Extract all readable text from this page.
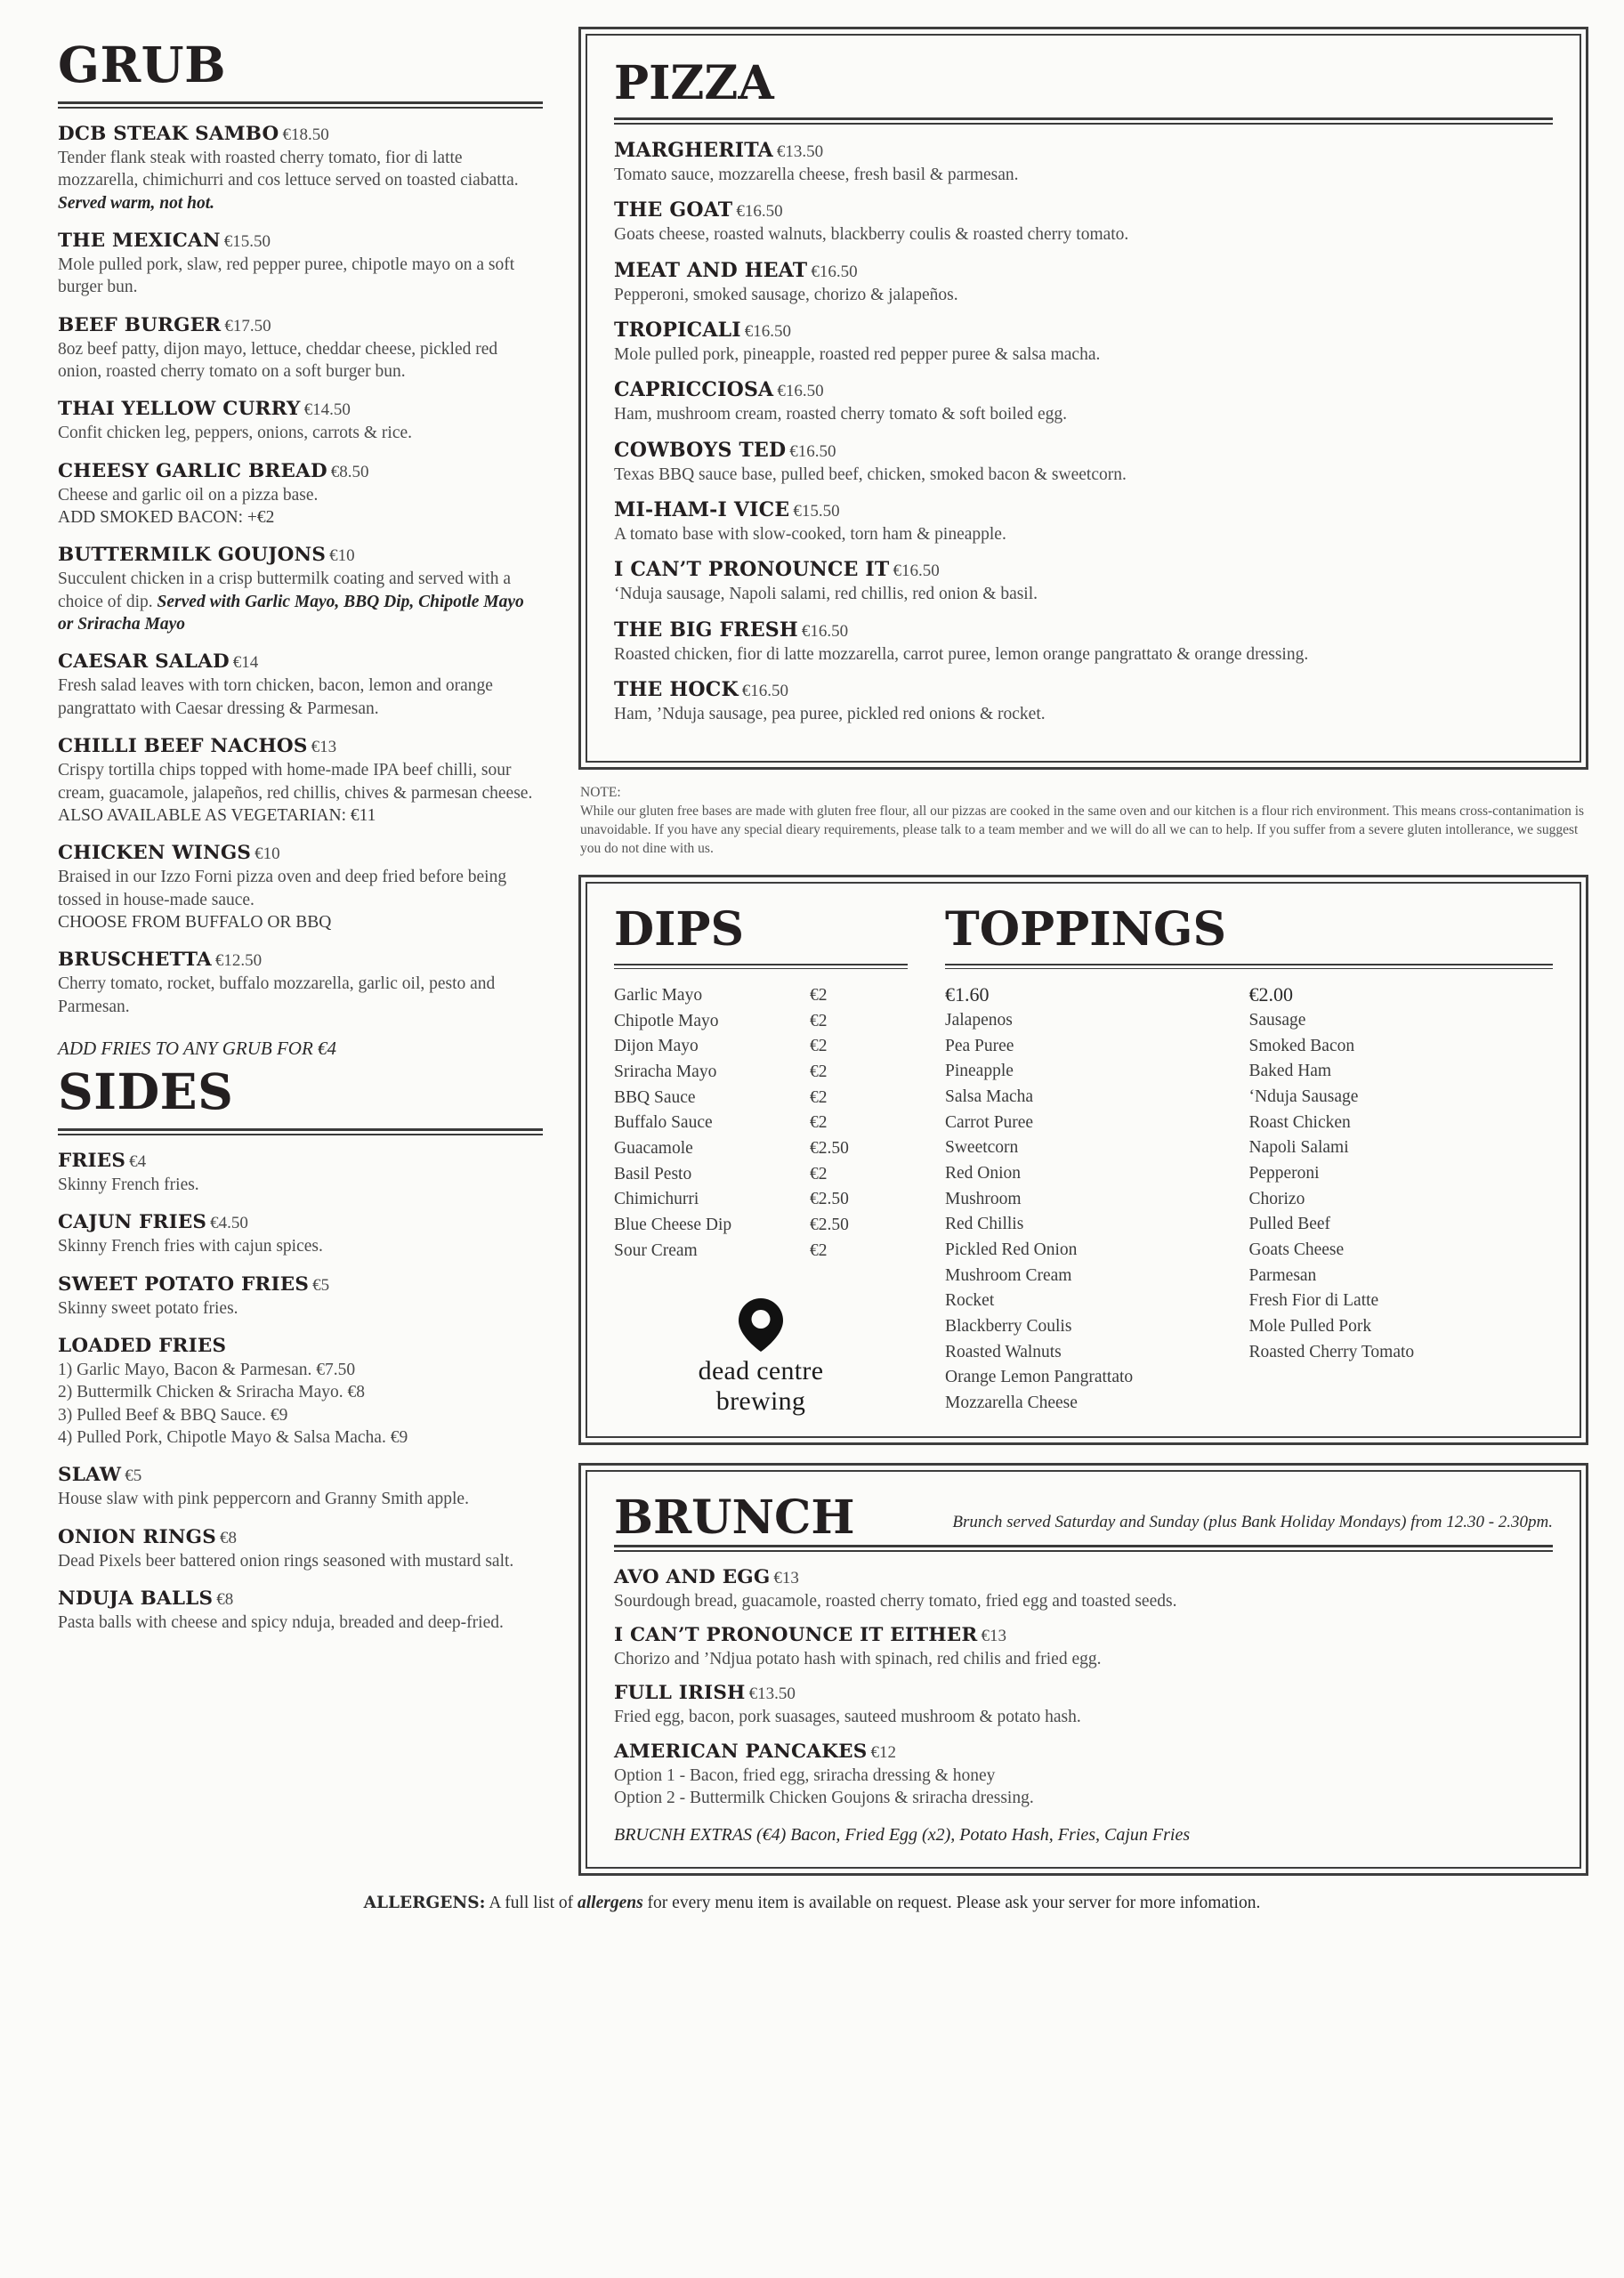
GRUB
DCB STEAK SAMBO €18.50
Tender flank steak with roasted cherry tomato, fior di latte mozzarella, chimichurri and cos lettuce served on toasted ciabatta. Served warm, not hot.
THE MEXICAN €15.50
Mole pulled pork, slaw, red pepper puree, chipotle mayo on a soft burger bun.
BEEF BURGER €17.50
8oz beef patty, dijon mayo, lettuce, cheddar cheese, pickled red onion, roasted cherry tomato on a soft burger bun.
THAI YELLOW CURRY €14.50
Confit chicken leg, peppers, onions, carrots & rice.
CHEESY GARLIC BREAD €8.50
Cheese and garlic oil on a pizza base.
ADD SMOKED BACON: +€2
BUTTERMILK GOUJONS €10
Succulent chicken in a crisp buttermilk coating and served with a choice of dip. Served with Garlic Mayo, BBQ Dip, Chipotle Mayo or Sriracha Mayo
CAESAR SALAD €14
Fresh salad leaves with torn chicken, bacon, lemon and orange pangrattato with Caesar dressing & Parmesan.
CHILLI BEEF NACHOS €13
Crispy tortilla chips topped with home-made IPA beef chilli, sour cream, guacamole, jalapeños, red chillis, chives & parmesan cheese.
ALSO AVAILABLE AS VEGETARIAN: €11
CHICKEN WINGS €10
Braised in our Izzo Forni pizza oven and deep fried before being tossed in house-made sauce.
CHOOSE FROM BUFFALO OR BBQ
BRUSCHETTA €12.50
Cherry tomato, rocket, buffalo mozzarella, garlic oil, pesto and Parmesan.
ADD FRIES TO ANY GRUB FOR €4
SIDES
FRIES €4
Skinny French fries.
CAJUN FRIES €4.50
Skinny French fries with cajun spices.
SWEET POTATO FRIES €5
Skinny sweet potato fries.
LOADED FRIES
1) Garlic Mayo, Bacon & Parmesan. €7.50
2) Buttermilk Chicken & Sriracha Mayo. €8
3) Pulled Beef & BBQ Sauce. €9
4) Pulled Pork, Chipotle Mayo & Salsa Macha. €9
SLAW €5
House slaw with pink peppercorn and Granny Smith apple.
ONION RINGS €8
Dead Pixels beer battered onion rings seasoned with mustard salt.
NDUJA BALLS €8
Pasta balls with cheese and spicy nduja, breaded and deep-fried.
PIZZA
MARGHERITA €13.50
Tomato sauce, mozzarella cheese, fresh basil & parmesan.
THE GOAT €16.50
Goats cheese, roasted walnuts, blackberry coulis & roasted cherry tomato.
MEAT AND HEAT €16.50
Pepperoni, smoked sausage, chorizo & jalapeños.
TROPICALI €16.50
Mole pulled pork, pineapple, roasted red pepper puree & salsa macha.
CAPRICCIOSA €16.50
Ham, mushroom cream, roasted cherry tomato & soft boiled egg.
COWBOYS TED €16.50
Texas BBQ sauce base, pulled beef, chicken, smoked bacon & sweetcorn.
MI-HAM-I VICE €15.50
A tomato base with slow-cooked, torn ham & pineapple.
I CAN’T PRONOUNCE IT €16.50
‘Nduja sausage, Napoli salami, red chillis, red onion & basil.
THE BIG FRESH €16.50
Roasted chicken, fior di latte mozzarella, carrot puree, lemon orange pangrattato & orange dressing.
THE HOCK €16.50
Ham, ’Nduja sausage, pea puree, pickled red onions & rocket.
NOTE:
While our gluten free bases are made with gluten free flour, all our pizzas are cooked in the same oven and our kitchen is a flour rich environment. This means cross-contanimation is unavoidable. If you have any special dieary requirements, please talk to a team member and we will do all we can to help. If you suffer from a severe gluten intollerance, we suggest you do not dine with us.
DIPS
Garlic Mayo	€2
Chipotle Mayo	€2
Dijon Mayo	€2
Sriracha Mayo	€2
BBQ Sauce	€2
Buffalo Sauce	€2
Guacamole	€2.50
Basil Pesto	€2
Chimichurri	€2.50
Blue Cheese Dip	€2.50
Sour Cream	€2
dead centre
brewing
TOPPINGS
€1.60
Jalapenos
Pea Puree
Pineapple
Salsa Macha
Carrot Puree
Sweetcorn
Red Onion
Mushroom
Red Chillis
Pickled Red Onion
Mushroom Cream
Rocket
Blackberry Coulis
Roasted Walnuts
Orange Lemon Pangrattato
Mozzarella Cheese
€2.00
Sausage
Smoked Bacon
Baked Ham
‘Nduja Sausage
Roast Chicken
Napoli Salami
Pepperoni
Chorizo
Pulled Beef
Goats Cheese
Parmesan
Fresh Fior di Latte
Mole Pulled Pork
Roasted Cherry Tomato
BRUNCH	Brunch served Saturday and Sunday (plus Bank Holiday Mondays) from 12.30 - 2.30pm.
AVO AND EGG €13
Sourdough bread, guacamole, roasted cherry tomato, fried egg and toasted seeds.
I CAN’T PRONOUNCE IT EITHER €13
Chorizo and ’Ndjua potato hash with spinach, red chilis and fried egg.
FULL IRISH €13.50
Fried egg, bacon, pork suasages, sauteed mushroom & potato hash.
AMERICAN PANCAKES €12
Option 1 - Bacon, fried egg, sriracha dressing & honey
Option 2 - Buttermilk Chicken Goujons & sriracha dressing.
BRUCNH EXTRAS (€4) Bacon, Fried Egg (x2), Potato Hash, Fries, Cajun Fries
ALLERGENS: A full list of allergens for every menu item is available on request. Please ask your server for more infomation.
